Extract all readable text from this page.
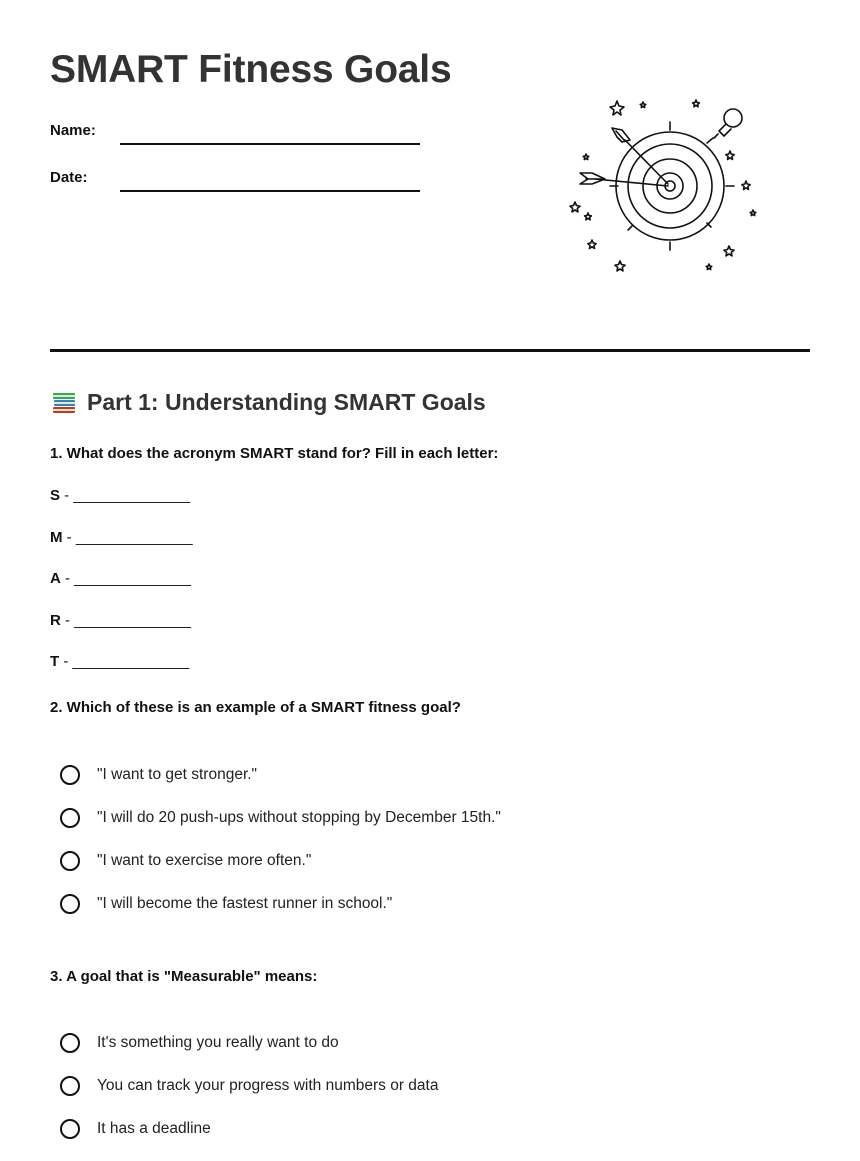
SMART Fitness Goals
Name:
Date:
Part 1: Understanding SMART Goals
1. What does the acronym SMART stand for? Fill in each letter:
S - ______________
M - ______________
A - ______________
R - ______________
T - ______________
2. Which of these is an example of a SMART fitness goal?
"I want to get stronger."
"I will do 20 push-ups without stopping by December 15th."
"I want to exercise more often."
"I will become the fastest runner in school."
3. A goal that is "Measurable" means:
It's something you really want to do
You can track your progress with numbers or data
It has a deadline
